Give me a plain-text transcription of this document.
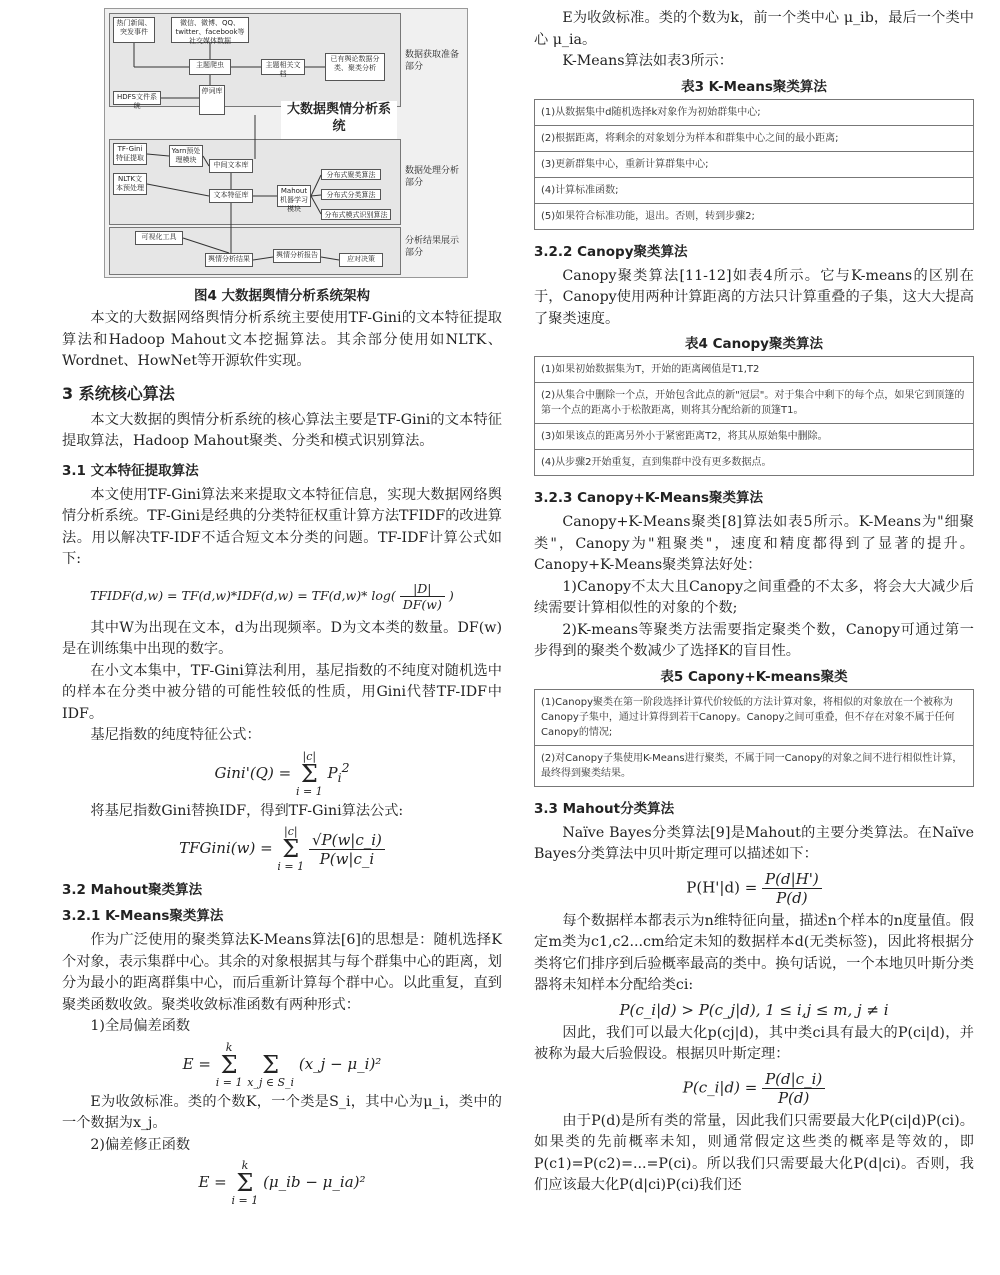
热门新闻、突发事件
微信、微博、QQ、twitter、facebook等社交媒体数据
主题爬虫	主题相关文档
已有舆论数据分类、聚类分析
HDFS文件系统
停词库
大数据舆情分析系统
TF-Gini特征提取
Yarn预处理模块
NLTK文本预处理
中间文本库
文本特征库	Mahout机器学习模块
分布式聚类算法
分布式分类算法
分布式模式识别算法
可视化工具
舆情分析结果	舆情分析报告	应对决策
数据获取准备部分
数据处理分析部分
分析结果展示部分
图4 大数据舆情分析系统架构

本文的大数据网络舆情分析系统主要使用TF-Gini的文本特征提取算法和Hadoop Mahout文本挖掘算法。其余部分使用如NLTK、Wordnet、HowNet等开源软件实现。

3 系统核心算法

本文大数据的舆情分析系统的核心算法主要是TF-Gini的文本特征提取算法，Hadoop Mahout聚类、分类和模式识别算法。

3.1 文本特征提取算法

本文使用TF-Gini算法来来提取文本特征信息，实现大数据网络舆情分析系统。TF-Gini是经典的分类特征权重计算方法TFIDF的改进算法。用以解决TF-IDF不适合短文本分类的问题。TF-IDF计算公式如下:

TFIDF(d,w) = TF(d,w)*IDF(d,w) = TF(d,w)* $\log( \frac{|D|}{DF(w)}$ )

其中W为出现在文本，d为出现频率。D为文本类的数量。DF(w)是在训练集中出现的数字。

在小文本集中，TF-Gini算法利用，基尼指数的不纯度对随机选中的样本在分类中被分错的可能性较低的性质，用Gini代替TF-IDF中IDF。

基尼指数的纯度特征公式：

Gini'(Q) =
|c|
Σ
i = 1
$P_i^2$

将基尼指数Gini替换IDF，得到TF-Gini算法公式:

TFGini(w) =
|c|
Σ
i = 1
$\frac{√P(w|c\_i)}{P(w|c\_i}$
3.2 Mahout聚类算法
3.2.1 K-Means聚类算法

作为广泛使用的聚类算法K-Means算法[6]的思想是：随机选择K个对象，表示集群中心。其余的对象根据其与每个群集中心的距离，划分为最小的距离群集中心，而后重新计算每个群中心。以此重复，直到聚类函数收敛。聚类收敛标准函数有两种形式：

1)全局偏差函数

E =
k
Σ
i = 1

Σ
x_j ∈ S_i
(x_j − μ_i)²

E为收敛标准。类的个数K，一个类是S_i，其中心为μ_i，类中的一个数据为x_j。

2)偏差修正函数

E =
k
Σ
i = 1
(μ_ib − μ_ia)²

E为收敛标准。类的个数为k，前一个类中心 μ_ib，最后一个类中心 μ_ia。

K-Means算法如表3所示：

表3 K-Means聚类算法
(1)从数据集中d随机选择k对象作为初始群集中心;
(2)根据距离，将剩余的对象划分为样本和群集中心之间的最小距离;
(3)更新群集中心，重新计算群集中心;
(4)计算标准函数;
(5)如果符合标准功能，退出。否则，转到步骤2;
3.2.2 Canopy聚类算法

Canopy聚类算法[11-12]如表4所示。它与K-means的区别在于，Canopy使用两种计算距离的方法只计算重叠的子集，这大大提高了聚类速度。

表4 Canopy聚类算法
(1)如果初始数据集为T，开始的距离阈值是T1,T2
(2)从集合中删除一个点，开始包含此点的新"冠层"。对于集合中剩下的每个点，如果它到顶篷的第一个点的距离小于松散距离，则将其分配给新的顶篷T1。
(3)如果该点的距离另外小于紧密距离T2，将其从原始集中删除。
(4)从步骤2开始重复，直到集群中没有更多数据点。
3.2.3 Canopy+K-Means聚类算法

Canopy+K-Means聚类[8]算法如表5所示。K-Means为"细聚类"，Canopy为"粗聚类"，速度和精度都得到了显著的提升。Canopy+K-Means聚类算法好处：

1)Canopy不太大且Canopy之间重叠的不太多，将会大大减少后续需要计算相似性的对象的个数;

2)K-means等聚类方法需要指定聚类个数，Canopy可通过第一步得到的聚类个数减少了选择K的盲目性。

表5 Capony+K-means聚类
(1)Canopy聚类在第一阶段选择计算代价较低的方法计算对象，将相似的对象放在一个被称为Canopy子集中，通过计算得到若干Canopy。Canopy之间可重叠，但不存在对象不属于任何Canopy的情况;
(2)对Canopy子集使用K-Means进行聚类，不属于同一Canopy的对象之间不进行相似性计算，最终得到聚类结果。
3.3 Mahout分类算法

Naïve Bayes分类算法[9]是Mahout的主要分类算法。在Naïve Bayes分类算法中贝叶斯定理可以描述如下：

$P(H'|d) = \frac{P(d|H')}{P(d)}$

每个数据样本都表示为n维特征向量，描述n个样本的n度量值。假定m类为c1,c2...cm给定未知的数据样本d(无类标签)，因此将根据分类将它们排序到后验概率最高的类中。换句话说，一个本地贝叶斯分类器将未知样本分配给类ci:

P(c_i|d) > P(c_j|d), 1 ≤ i,j ≤ m, j ≠ i

因此，我们可以最大化p(cj|d)，其中类ci具有最大的P(ci|d)，并被称为最大后验假设。根据贝叶斯定理：

P(c_i|d) = $\frac{P(d|c\_i)}{P(d)}$

由于P(d)是所有类的常量，因此我们只需要最大化P(ci|d)P(ci)。如果类的先前概率未知，则通常假定这些类的概率是等效的，即P(c1)=P(c2)=...=P(ci)。所以我们只需要最大化P(d|ci)。否则，我们应该最大化P(d|ci)P(ci)我们还
